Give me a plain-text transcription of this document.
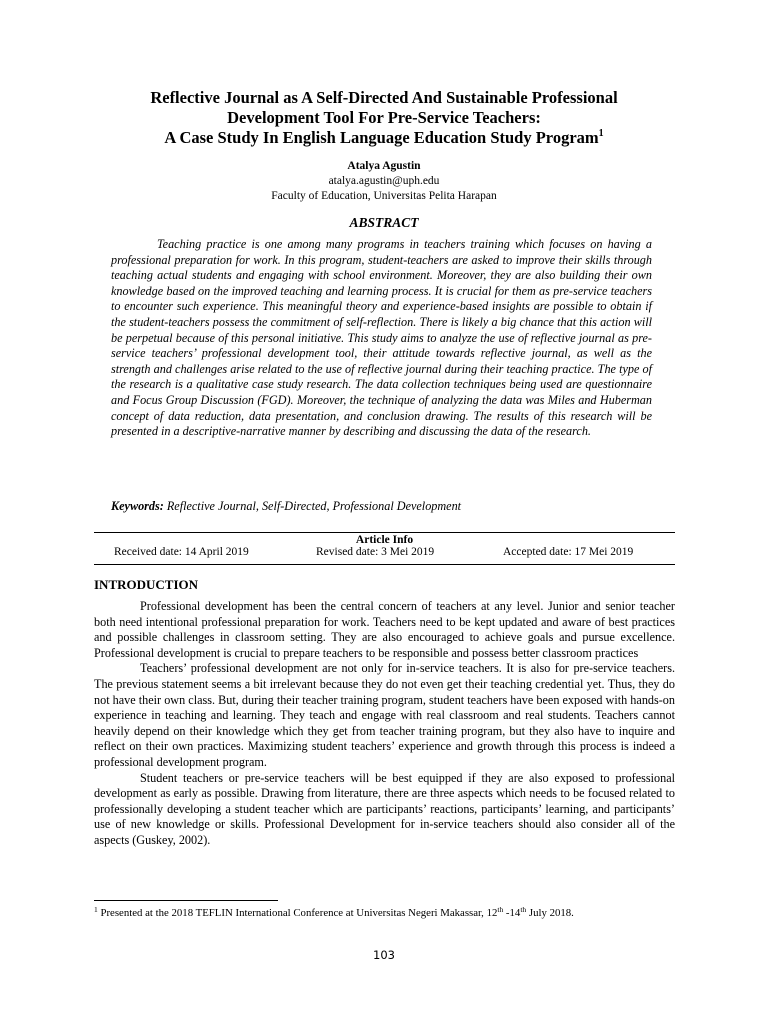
Reflective Journal as A Self-Directed And Sustainable Professional
Development Tool For Pre-Service Teachers:
A Case Study In English Language Education Study Program$^1$
Atalya Agustin
atalya.agustin@uph.edu
Faculty of Education, Universitas Pelita Harapan
ABSTRACT
Teaching practice is one among many programs in teachers training which focuses on having a professional preparation for work. In this program, student-teachers are asked to improve their skills through teaching actual students and engaging with school environment. Moreover, they are also building their own knowledge based on the improved teaching and learning process. It is crucial for them as pre-service teachers to encounter such experience. This meaningful theory and experience-based insights are possible to obtain if the student-teachers possess the commitment of self-reflection. There is likely a big chance that this action will be perpetual because of this personal initiative. This study aims to analyze the use of reflective journal as pre-service teachers’ professional development tool, their attitude towards reflective journal, as well as the strength and challenges arise related to the use of reflective journal during their teaching practice. The type of the research is a qualitative case study research. The data collection techniques being used are questionnaire and Focus Group Discussion (FGD). Moreover, the technique of analyzing the data was Miles and Huberman concept of data reduction, data presentation, and conclusion drawing. The results of this research will be presented in a descriptive-narrative manner by describing and discussing the data of the research.
Keywords: Reflective Journal, Self-Directed, Professional Development
Article Info
Received date: 14 April 2019	Revised date: 3 Mei 2019	Accepted date: 17 Mei 2019
INTRODUCTION

Professional development has been the central concern of teachers at any level. Junior and senior teacher both need intentional professional preparation for work. Teachers need to be kept updated and aware of best practices and possible challenges in classroom setting. They are also encouraged to achieve goals and pursue excellence. Professional development is crucial to prepare teachers to be responsible and possess better classroom practices

Teachers’ professional development are not only for in-service teachers. It is also for pre-service teachers. The previous statement seems a bit irrelevant because they do not even get their teaching credential yet. Thus, they do not have their own class. But, during their teacher training program, student teachers have been exposed with hands-on experience in teaching and learning. They teach and engage with real classroom and real students. Teachers cannot heavily depend on their knowledge which they get from teacher training program, but they also have to inquire and reflect on their own practices. Maximizing student teachers’ experience and growth through this process is indeed a professional development program.

Student teachers or pre-service teachers will be best equipped if they are also exposed to professional development as early as possible. Drawing from literature, there are three aspects which needs to be focused related to professionally developing a student teacher which are participants’ reactions, participants’ learning, and participants’ use of new knowledge or skills. Professional Development for in-service teachers should also consider all of the aspects (Guskey, 2002).

$^1$ Presented at the 2018 TEFLIN International Conference at Universitas Negeri Makassar, 12th -14th July 2018.
103
